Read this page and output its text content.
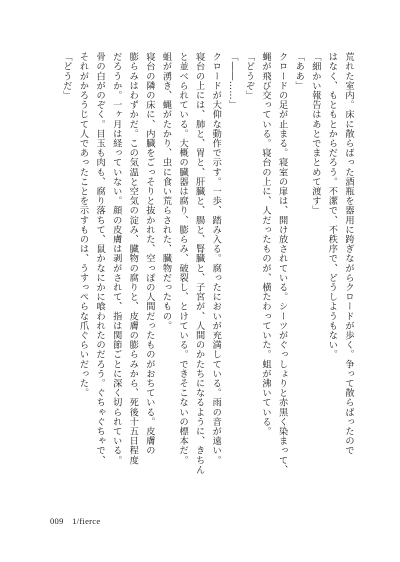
荒れた室内。床に散らばった酒瓶を器用に跨ぎながらクロードが歩く。争って散らばったので

はなく、もともとからだろう。不潔で、不秩序で、どうしようもない。

「細かい報告はあとでまとめて渡す」

「ああ」

クロードの足が止まる。寝室の扉は、開け放されている。シーツがぐっしょりと赤黒く染まって、

蝿が飛び交っている。寝台の上に、人だったものが、横たわっていた。蛆が沸いている。

「どうぞ」

「――……」

クロードが大仰な動作で示す。一歩、踏み入る。腐ったにおいが充満している。雨の音が遠い。

寝台の上には、肺と、胃と、肝臓と、腸と、腎臓と、子宮が、人間のかたちになるように、きちん

と並べられている。大概の臓器は腐り、膨らみ、破裂し、とけている。できそこないの標本だ。

蛆が湧き、蝿がたかり、虫に食い荒らされた、臓物だったもの。

寝台の隣の床に、内臓をごっそりと抜かれた、空っぽの人間だったものがおちている。皮膚の

膨らみはわずかだ。この気温と空気の淀み、臓物の腐りと、皮膚の膨らみから、死後十五日程度

だろうか。一ヶ月は経っていない。顔の皮膚は剥がされて、指は関節ごとに深く切られている。

骨の白がのぞく。目玉も肉も、腐り落ちて、鼠かなにかに喰われたのだろう。ぐちゃぐちゃで、

それがかろうじて人であったことを示すものは、うすっぺらな爪ぐらいだった。

「どうだ」

009 1/fierce
